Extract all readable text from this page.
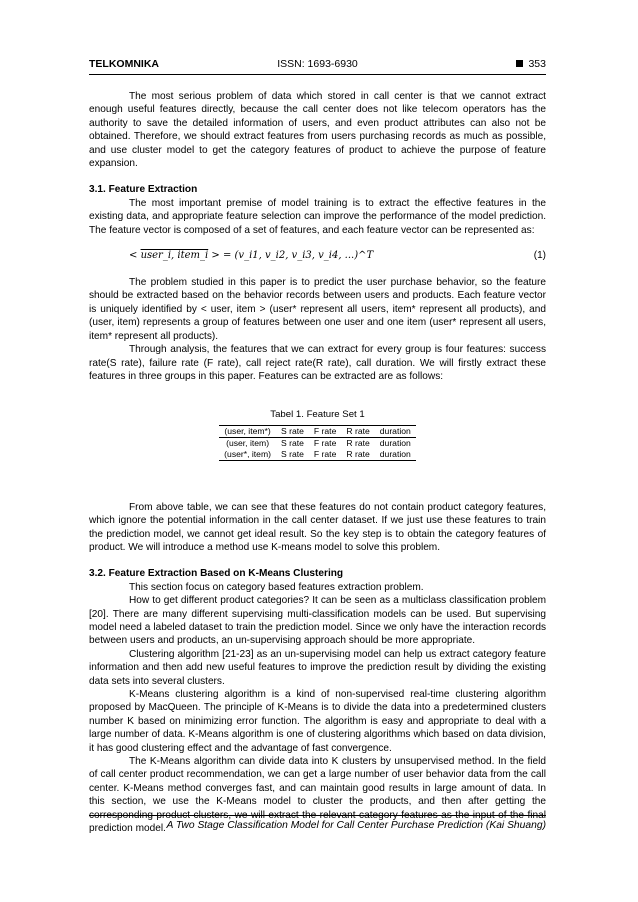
TELKOMNIKA	ISSN: 1693-6930	353

The most serious problem of data which stored in call center is that we cannot extract enough useful features directly, because the call center does not like telecom operators has the authority to save the detailed information of users, and even product attributes can also not be obtained. Therefore, we should extract features from users purchasing records as much as possible, and use cluster model to get the category features of product to achieve the purpose of feature expansion.

3.1. Feature Extraction

The most important premise of model training is to extract the effective features in the existing data, and appropriate feature selection can improve the performance of the model prediction. The feature vector is composed of a set of features, and each feature vector can be represented as:

< user_i, item_i > = (v_i1, v_i2, v_i3, v_i4, ...)^T	(1)

The problem studied in this paper is to predict the user purchase behavior, so the feature should be extracted based on the behavior records between users and products. Each feature vector is uniquely identified by < user, item > (user* represent all users, item* represent all products), and (user, item) represents a group of features between one user and one item (user* represent all users, item* represent all products).

Through analysis, the features that we can extract for every group is four features: success rate(S rate), failure rate (F rate), call reject rate(R rate), call duration. We will firstly extract these features in three groups in this paper. Features can be extracted are as follows:

Tabel 1. Feature Set 1
(user, item*)	S rate	F rate	R rate	duration
(user, item)	S rate	F rate	R rate	duration
(user*, item)	S rate	F rate	R rate	duration

From above table, we can see that these features do not contain product category features, which ignore the potential information in the call center dataset. If we just use these features to train the prediction model, we cannot get ideal result. So the key step is to obtain the category features of product. We will introduce a method use K-means model to solve this problem.

3.2. Feature Extraction Based on K-Means Clustering

This section focus on category based features extraction problem.

How to get different product categories? It can be seen as a multiclass classification problem [20]. There are many different supervising multi-classification models can be used. But supervising model need a labeled dataset to train the prediction model. Since we only have the interaction records between users and products, an un-supervising approach should be more appropriate.

Clustering algorithm [21-23] as an un-supervising model can help us extract category feature information and then add new useful features to improve the prediction result by dividing the existing data sets into several clusters.

K-Means clustering algorithm is a kind of non-supervised real-time clustering algorithm proposed by MacQueen. The principle of K-Means is to divide the data into a predetermined clusters number K based on minimizing error function. The algorithm is easy and appropriate to deal with a large number of data. K-Means algorithm is one of clustering algorithms which based on data division, it has good clustering effect and the advantage of fast convergence.

The K-Means algorithm can divide data into K clusters by unsupervised method. In the field of call center product recommendation, we can get a large number of user behavior data from the call center. K-Means method converges fast, and can maintain good results in large amount of data. In this section, we use the K-Means model to cluster the products, and then after getting the corresponding product clusters, we will extract the relevant category features as the input of the final prediction model. A Two Stage Classification Model for Call Center Purchase Prediction (Kai Shuang)
